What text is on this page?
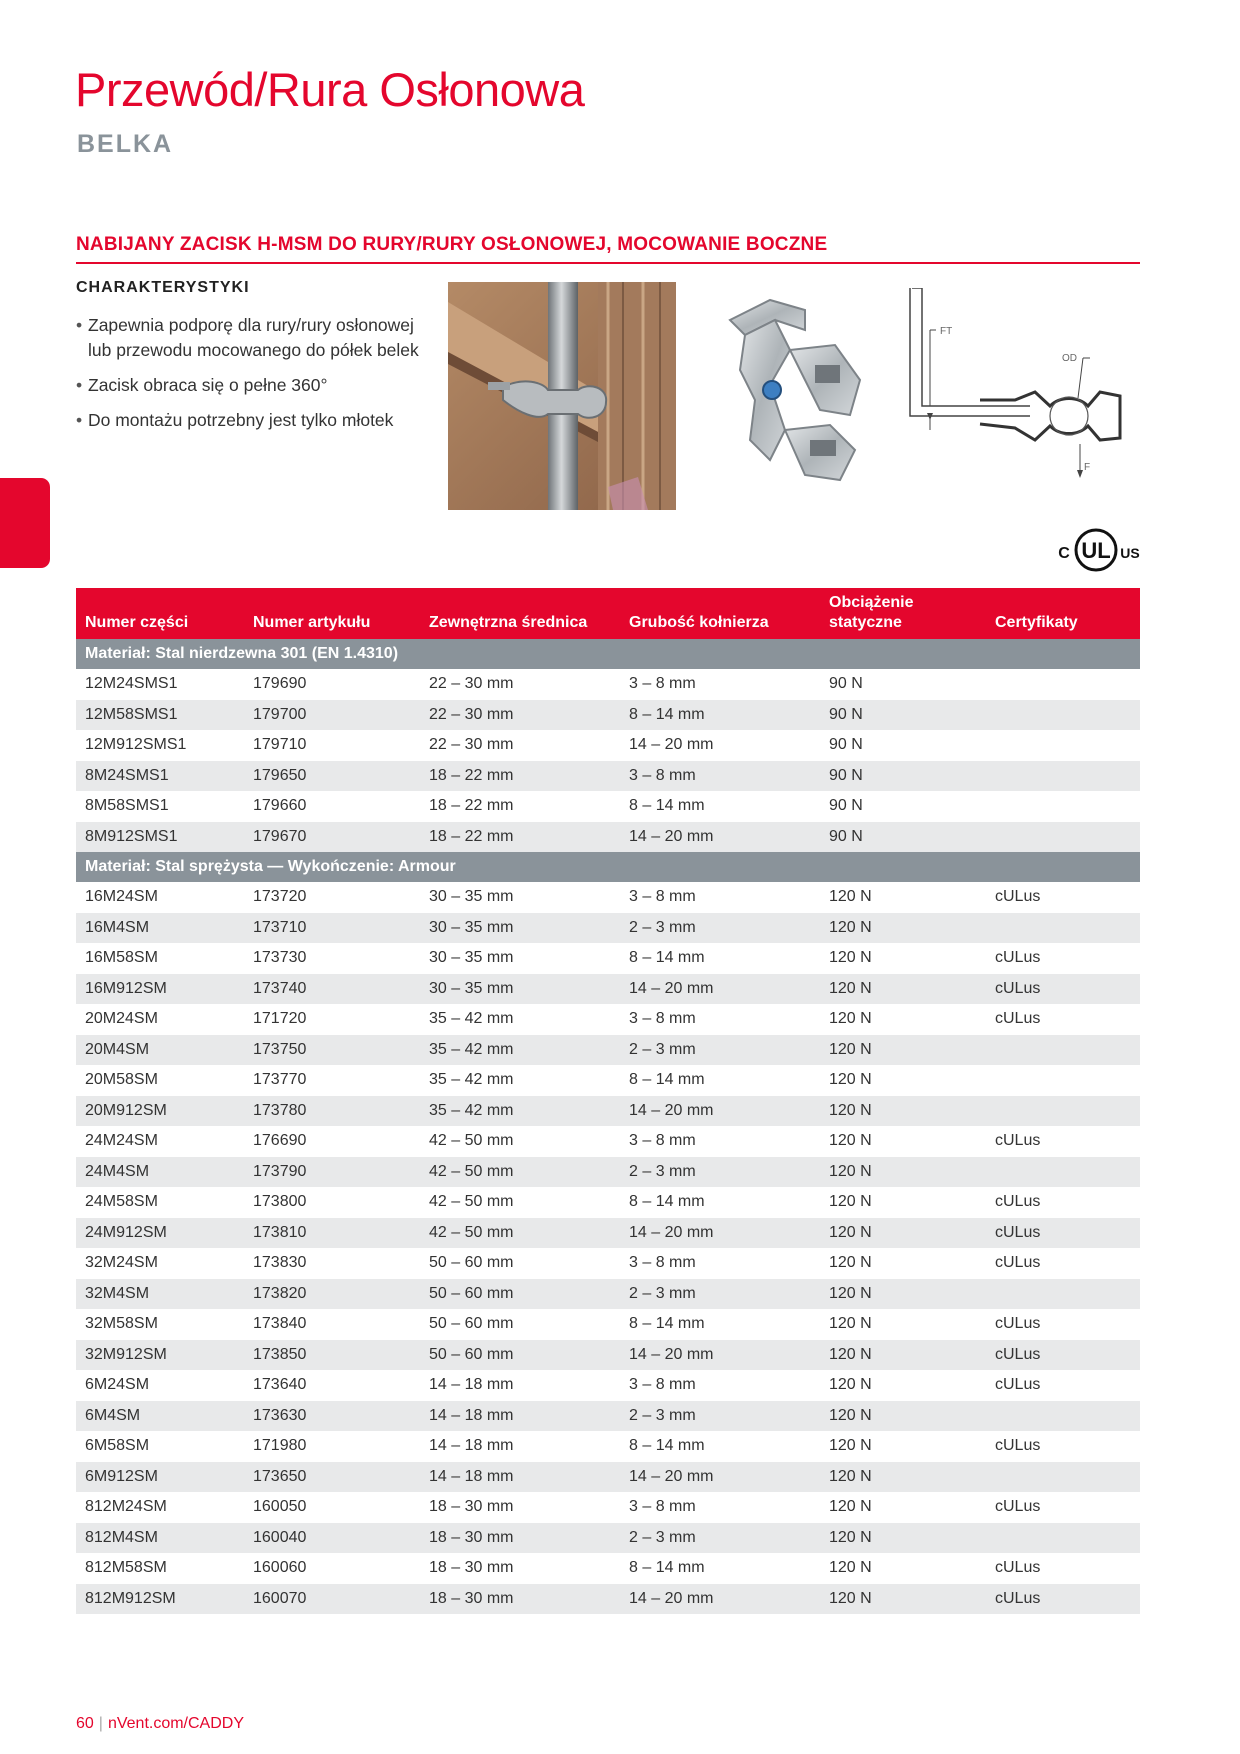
Przewód/Rura Osłonowa
BELKA
NABIJANY ZACISK H-MSM DO RURY/RURY OSŁONOWEJ, MOCOWANIE BOCZNE
CHARAKTERYSTYKI
• Zapewnia podporę dla rury/rury osłonowej lub przewodu mocowanego do półek belek
• Zacisk obraca się o pełne 360°
• Do montażu potrzebny jest tylko młotek
FT
OD
F
C UL US
Numer części	Numer artykułu	Zewnętrzna średnica	Grubość kołnierza	Obciążenie statyczne	Certyfikaty
Materiał: Stal nierdzewna 301 (EN 1.4310)					
12M24SMS1	179690	22 – 30 mm	3 – 8 mm	90 N	
12M58SMS1	179700	22 – 30 mm	8 – 14 mm	90 N	
12M912SMS1	179710	22 – 30 mm	14 – 20 mm	90 N	
8M24SMS1	179650	18 – 22 mm	3 – 8 mm	90 N	
8M58SMS1	179660	18 – 22 mm	8 – 14 mm	90 N	
8M912SMS1	179670	18 – 22 mm	14 – 20 mm	90 N	
Materiał: Stal sprężysta — Wykończenie: Armour					
16M24SM	173720	30 – 35 mm	3 – 8 mm	120 N	cULus
16M4SM	173710	30 – 35 mm	2 – 3 mm	120 N	
16M58SM	173730	30 – 35 mm	8 – 14 mm	120 N	cULus
16M912SM	173740	30 – 35 mm	14 – 20 mm	120 N	cULus
20M24SM	171720	35 – 42 mm	3 – 8 mm	120 N	cULus
20M4SM	173750	35 – 42 mm	2 – 3 mm	120 N	
20M58SM	173770	35 – 42 mm	8 – 14 mm	120 N	
20M912SM	173780	35 – 42 mm	14 – 20 mm	120 N	
24M24SM	176690	42 – 50 mm	3 – 8 mm	120 N	cULus
24M4SM	173790	42 – 50 mm	2 – 3 mm	120 N	
24M58SM	173800	42 – 50 mm	8 – 14 mm	120 N	cULus
24M912SM	173810	42 – 50 mm	14 – 20 mm	120 N	cULus
32M24SM	173830	50 – 60 mm	3 – 8 mm	120 N	cULus
32M4SM	173820	50 – 60 mm	2 – 3 mm	120 N	
32M58SM	173840	50 – 60 mm	8 – 14 mm	120 N	cULus
32M912SM	173850	50 – 60 mm	14 – 20 mm	120 N	cULus
6M24SM	173640	14 – 18 mm	3 – 8 mm	120 N	cULus
6M4SM	173630	14 – 18 mm	2 – 3 mm	120 N	
6M58SM	171980	14 – 18 mm	8 – 14 mm	120 N	cULus
6M912SM	173650	14 – 18 mm	14 – 20 mm	120 N	
812M24SM	160050	18 – 30 mm	3 – 8 mm	120 N	cULus
812M4SM	160040	18 – 30 mm	2 – 3 mm	120 N	
812M58SM	160060	18 – 30 mm	8 – 14 mm	120 N	cULus
812M912SM	160070	18 – 30 mm	14 – 20 mm	120 N	cULus
60 | nVent.com/CADDY
